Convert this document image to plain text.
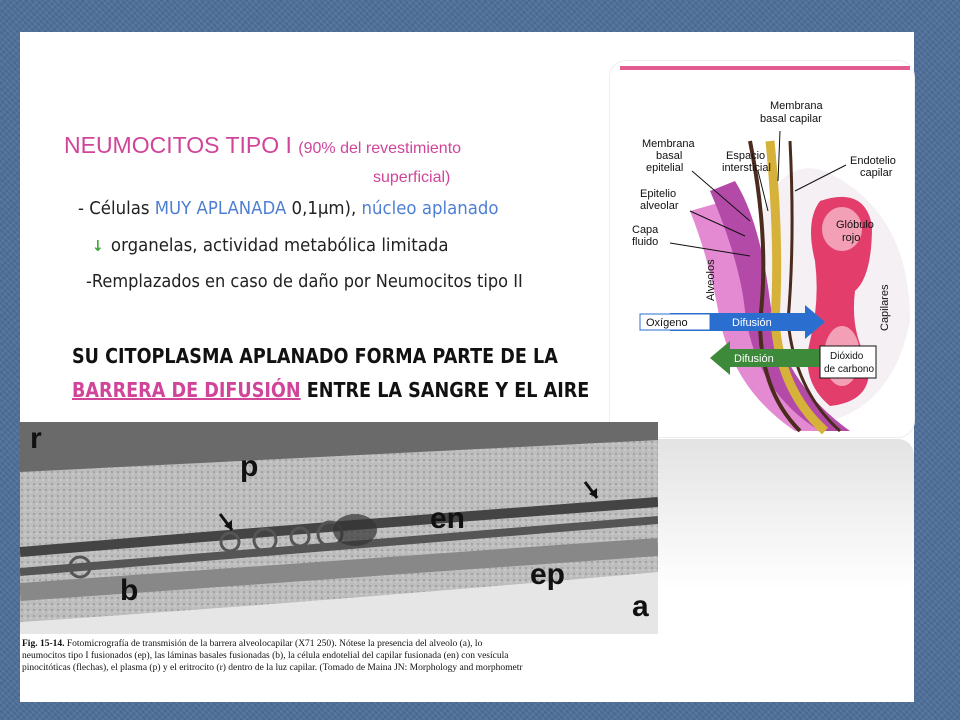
NEUMOCITOS TIPO I (90% del revestimiento
superficial)
- Células MUY APLANADA 0,1μm), núcleo aplanado
↓ organelas, actividad metabólica limitada
-Remplazados en caso de daño por Neumocitos tipo II
SU CITOPLASMA APLANADO FORMA PARTE DE LA
BARRERA DE DIFUSIÓN ENTRE LA SANGRE Y EL AIRE
Membrana
basal capilar
Membrana
basal
epitelial
Espacio
intersticial
Endotelio
capilar
Epitelio
alveolar
Glóbulo
rojo
Capa
fluido
Alveolos
Capilares
Oxígeno	Difusión
Difusión	Dióxido
de carbono
r
p
en
b	ep
a
Fig. 15-14. Fotomicrografía de transmisión de la barrera alveolocapilar (X71 250). Nótese la presencia del alveolo (a), lo
neumocitos tipo I fusionados (ep), las láminas basales fusionadas (b), la célula endotelial del capilar fusionada (en) con vesícula
pinocitóticas (flechas), el plasma (p) y el eritrocito (r) dentro de la luz capilar. (Tomado de Maina JN: Morphology and morphometr
